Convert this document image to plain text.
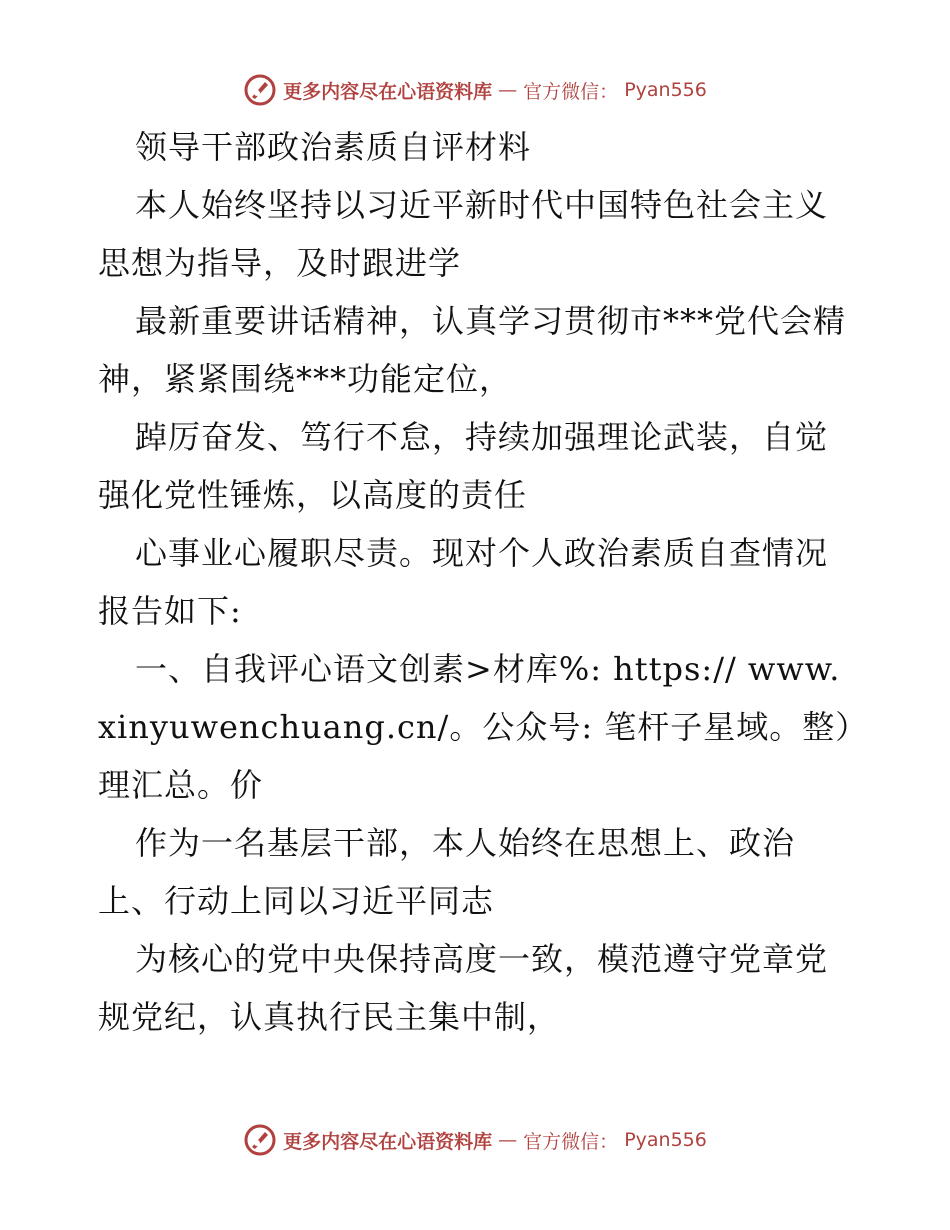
更多内容尽在心语资料库 — 官方微信： Pyan556

领导干部政治素质自评材料

本人始终坚持以习近平新时代中国特色社会主义思想为指导，及时跟进学

最新重要讲话精神，认真学习贯彻市***党代会精神，紧紧围绕***功能定位，

踔厉奋发、笃行不怠，持续加强理论武装，自觉强化党性锤炼，以高度的责任

心事业心履职尽责。现对个人政治素质自查情况报告如下:

一、自我评心语文创素>材库%: https:// www.xinyuwenchuang.cn/。公众号: 笔杆子星域。整）理汇总。价

作为一名基层干部，本人始终在思想上、政治上、行动上同以习近平同志

为核心的党中央保持高度一致，模范遵守党章党规党纪，认真执行民主集中制，

更多内容尽在心语资料库 — 官方微信： Pyan556
